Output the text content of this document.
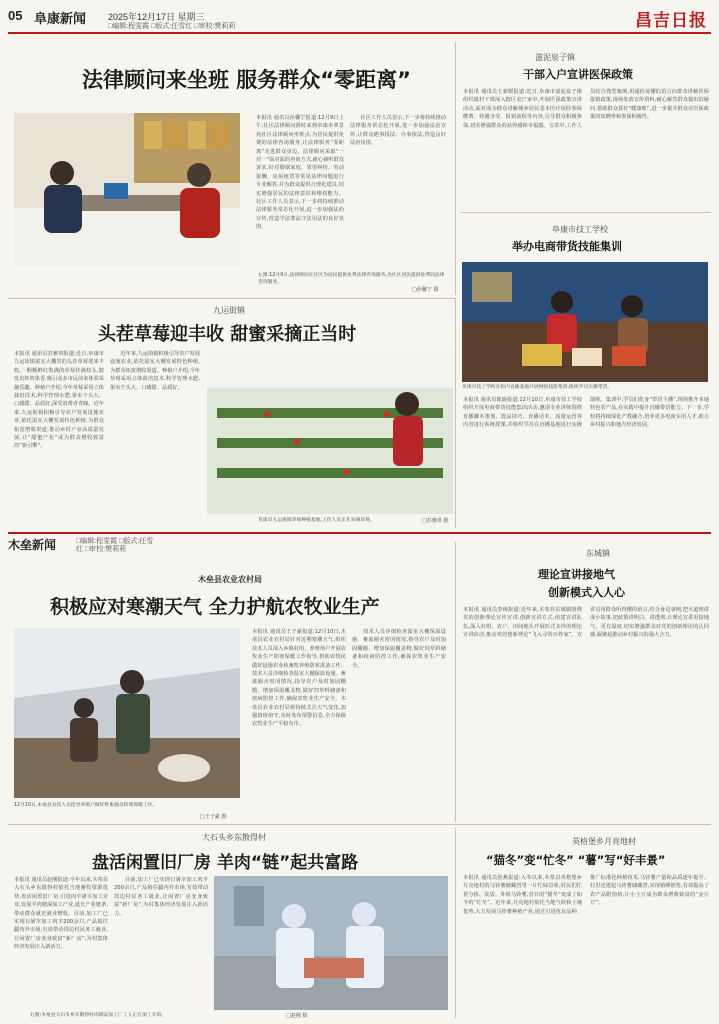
05 阜康新闻 2025年12月17日 星期三
□编辑:程雯霞 □版式:任雪红 □审校:樊莉莉	昌吉日报
法律顾问来坐班 服务群众“零距离”
本报讯 通讯员孙馨宁报道:12月9日上午,社区法律顾问准时来到阜康市翠景苑社区法律顾问坐班点,为居民提供免费的法律咨询服务,让法律服务“零距离”走进群众身边。法律顾问采取“一对一”面对面的咨询方式,耐心倾听群众诉求,针对婚姻家庭、邻里纠纷、劳动报酬、房屋租赁等常见法律问题进行专业解答,并为群众提供合理化建议,切实增强居民的法律意识和维权能力。社区工作人员表示,下一步将持续推动法律服务常态化开展,进一步加强法治宣传,营造学法尊法守法用法的良好氛围。
　　社区工作人员表示,下一步将持续推动法律服务常态化开展,进一步加强法治宣传,让群众遇事找法、办事依法,营造良好法治氛围。
左图:12月9日,法律顾问在社区为居民提供免费法律咨询服务,为社区居民提供免费的法律咨询服务。
□孙馨宁 摄
滋泥泉子镇
干部入户宣讲医保政策
本报讯 通讯员王新媛报道:近日,阜康市滋泥泉子镇组织镇村干部深入辖区农户家中,开展医保政策宣讲活动,面对面为群众讲解城乡居民基本医疗保险参保缴费、待遇享受、报销流程等内容,引导群众积极参保,切实增强群众的获得感和幸福感。宣讲中,工作人员结合典型案例,用通俗易懂的语言向群众讲解医保报销政策,现场发放宣传资料,耐心解答群众提出的疑问,帮助群众算好“健康账”,进一步提升群众对医保政策的知晓率和参保积极性。
阜康市技工学校
举办电商带货技能集训
阜康市技工学校在校内直播基地开展网络技能集训,组织学员实操带货。
本报讯 通讯员陈瑜报道:12月10日,阜康市技工学校组织开展电商带货技能集训活动,邀请专业讲师围绕直播脚本策划、选品技巧、直播话术、流量运营等内容进行系统授课,并组织学员在直播基地进行实操演练。集训中,学员们化身“带货主播”,现场推介本地特色农产品,在实践中提升直播带货能力。下一步,学校将持续深化产教融合,培养更多电商实用人才,助力乡村振兴和地方经济发展。
九运街镇
头茬草莓迎丰收 甜蜜采摘正当时
本报讯 通讯员苏雅琪报道:近日,阜康市九运街镇温室大棚里的头茬草莓迎来丰收,一颗颗鲜红饱满的草莓挂满枝头,散发出阵阵果香,吸引众多市民前来体验采摘乐趣。种植户介绍,今年草莓采用立体栽培技术,科学管理水肥,果实个头大、口感甜、品质好,深受消费者青睐。近年来,九运街镇积极引导农户发展设施农业,依托温室大棚发展特色种植,为群众拓宽增收渠道,推动乡村产业高质量发展,让“甜蜜产业”成为群众增收致富的“新引擎”。
　　近年来,九运街镇积极引导农户发展设施农业,依托温室大棚发展特色种植,为群众拓宽增收渠道。种植户介绍,今年草莓采用立体栽培技术,科学管理水肥,果实个头大、口感甜、品质好。
阜康市九运街镇草莓种植基地,工作人员正在采摘草莓。	□苏雅琪 摄
木垒新闻	□编辑:程雯霞 □版式:任雪红 □审校:樊莉莉
木垒县农业农村局
积极应对寒潮天气 全力护航农牧业生产
12月10日,木垒县农技人员指导养殖户做好牲畜圈舍防寒保暖工作。
□王子豪 摄
本报讯 通讯员王子豪报道:12月10日,木垒县农业农村局针对近期寒潮天气,组织技术人员深入乡镇村组、养殖场户开展农牧业生产防寒保暖工作指导,帮助农牧民做好设施农业和畜牧养殖防寒准备工作。技术人员详细检查温室大棚保温设施、畜禽圈舍密闭情况,指导农户及时加固棚膜、增加保温覆盖物,做好饲草料储备和疫病防控工作,确保农牧业生产安全。木垒县农业农村局将持续关注天气变化,加强值班值守,及时发布预警信息,全力保障农牧业生产平稳有序。
　　技术人员详细检查温室大棚保温设施、畜禽圈舍密闭情况,指导农户及时加固棚膜、增加保温覆盖物,做好饲草料储备和疫病防控工作,确保农牧业生产安全。
东城镇
理论宣讲接地气
创新模式入人心
本报讯 通讯员李梅报道:近年来,木垒县东城镇围绕党的创新理论宣传宣讲,创新宣讲方式,组建宣讲队伍,深入村组、农户、田间地头开展形式多样的理论宣讲活动,推动党的创新理论“飞入寻常百姓家”。宣讲员用群众听得懂的语言,结合身边事例,把大道理讲成小故事,把政策讲明白、讲透彻,让理论宣讲更接地气、更有温度,切实增强群众对党的创新理论的认同感,凝聚起推动乡村振兴的强大合力。
大石头乡东散得村
盘活闲置旧厂房 羊肉“链”起共富路
本报讯 通讯员赵刚报道:今年以来,木垒县大石头乡东散得村依托当地畜牧资源优势,盘活闲置旧厂房,引进肉羊屠宰加工企业,发展羊肉精深加工产业,延长产业链条,带动群众就近就业增收。目前,加工厂已实现日屠宰加工肉羊200余只,产品销往疆内外市场,有效带动周边村民务工就业,让闲置厂房变身致富“新厂房”,为村集体经济发展注入新活力。
　　目前,加工厂已实现日屠宰加工肉羊200余只,产品销往疆内外市场,有效带动周边村民务工就业,让闲置厂房变身致富“新厂房”,为村集体经济发展注入新活力。
右图:木垒县大石头乡东散得村肉制品加工厂工人正在加工羊肉。	□赵刚 摄
英格堡乡月亮地村
“猫冬”变“忙冬” “薯”写“好丰景”
本报讯 通讯员张燕报道:入冬以来,木垒县英格堡乡月亮地村的马铃薯储藏窖里一片忙碌景象,村民们忙着分拣、装袋、外销马铃薯,昔日的“猫冬”变成了如今的“忙冬”。近年来,月亮地村依托当地气候和土壤优势,大力发展马铃薯种植产业,通过引进优良品种、推广标准化种植技术,马铃薯产量和品质逐年提升。村里还建起马铃薯储藏窖,实现错峰销售,有效提高了农产品附加值,让小土豆成为群众增收致富的“金豆豆”。
